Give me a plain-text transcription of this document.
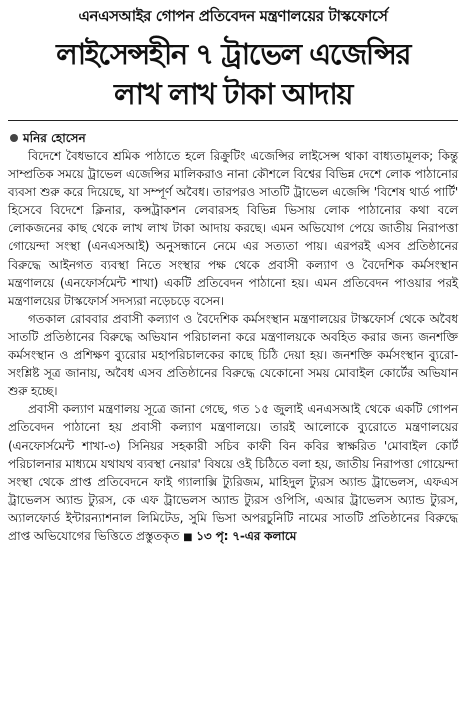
এনএসআইর গোপন প্রতিবেদন মন্ত্রণালয়ের টাস্কফোর্সে
লাইসেন্সহীন ৭ ট্রাভেল এজেন্সির
লাখ লাখ টাকা আদায়
মনির হোসেন

বিদেশে বৈধভাবে শ্রমিক পাঠাতে হলে রিক্রুটিং এজেন্সির লাইসেন্স থাকা বাধ্যতামূলক; কিন্তু সাম্প্রতিক সময়ে ট্রাভেল এজেন্সির মালিকরাও নানা কৌশলে বিশ্বের বিভিন্ন দেশে লোক পাঠানোর ব্যবসা শুরু করে দিয়েছে, যা সম্পূর্ণ অবৈধ। তারপরও সাতটি ট্রাভেল এজেন্সি 'বিশেষ থার্ড পার্টি' হিসেবে বিদেশে ক্লিনার, কন্সট্রাকশন লেবারসহ বিভিন্ন ভিসায় লোক পাঠানোর কথা বলে লোকজনের কাছ থেকে লাখ লাখ টাকা আদায় করছে। এমন অভিযোগ পেয়ে জাতীয় নিরাপত্তা গোয়েন্দা সংস্থা (এনএসআই) অনুসন্ধানে নেমে এর সত্যতা পায়। এরপরই এসব প্রতিষ্ঠানের বিরুদ্ধে আইনগত ব্যবস্থা নিতে সংস্থার পক্ষ থেকে প্রবাসী কল্যাণ ও বৈদেশিক কর্মসংস্থান মন্ত্রণালয়ে (এনফোর্সমেন্ট শাখা) একটি প্রতিবেদন পাঠানো হয়। এমন প্রতিবেদন পাওয়ার পরই মন্ত্রণালয়ের টাস্কফোর্স সদস্যরা নড়েচড়ে বসেন।

গতকাল রোববার প্রবাসী কল্যাণ ও বৈদেশিক কর্মসংস্থান মন্ত্রণালয়ের টাস্কফোর্স থেকে অবৈধ সাতটি প্রতিষ্ঠানের বিরুদ্ধে অভিযান পরিচালনা করে মন্ত্রণালয়কে অবহিত করার জন্য জনশক্তি কর্মসংস্থান ও প্রশিক্ষণ ব্যুরোর মহাপরিচালকের কাছে চিঠি দেয়া হয়। জনশক্তি কর্মসংস্থান ব্যুরো-সংশ্লিষ্ট সূত্র জানায়, অবৈধ এসব প্রতিষ্ঠানের বিরুদ্ধে যেকোনো সময় মোবাইল কোর্টের অভিযান শুরু হচ্ছে।

প্রবাসী কল্যাণ মন্ত্রণালয় সূত্রে জানা গেছে, গত ১৫ জুলাই এনএসআই থেকে একটি গোপন প্রতিবেদন পাঠানো হয় প্রবাসী কল্যাণ মন্ত্রণালয়ে। তারই আলোকে ব্যুরোতে মন্ত্রণালয়ের (এনফোর্সমেন্ট শাখা-৩) সিনিয়র সহকারী সচিব কাফী বিন কবির স্বাক্ষরিত 'মোবাইল কোর্ট পরিচালনার মাধ্যমে যথাযথ ব্যবস্থা নেয়ার' বিষয়ে ওই চিঠিতে বলা হয়, জাতীয় নিরাপত্তা গোয়েন্দা সংস্থা থেকে প্রাপ্ত প্রতিবেদনে ফাই গ্যালাক্সি ট্যুরিজম, মাহিদুল ট্যুরস অ্যান্ড ট্রাভেলস, এফএস ট্রাভেলস অ্যান্ড ট্যুরস, কে এফ ট্রাভেলস অ্যান্ড ট্যুরস ওপিসি, এআর ট্রাভেলস অ্যান্ড ট্যুরস, অ্যালফোর্ড ইন্টারন্যাশনাল লিমিটেড, সুমি ভিসা অপরচুনিটি নামের সাতটি প্রতিষ্ঠানের বিরুদ্ধে প্রাপ্ত অভিযোগের ভিত্তিতে প্রস্তুতকৃত ■ ১৩ পৃ: ৭-এর কলামে
